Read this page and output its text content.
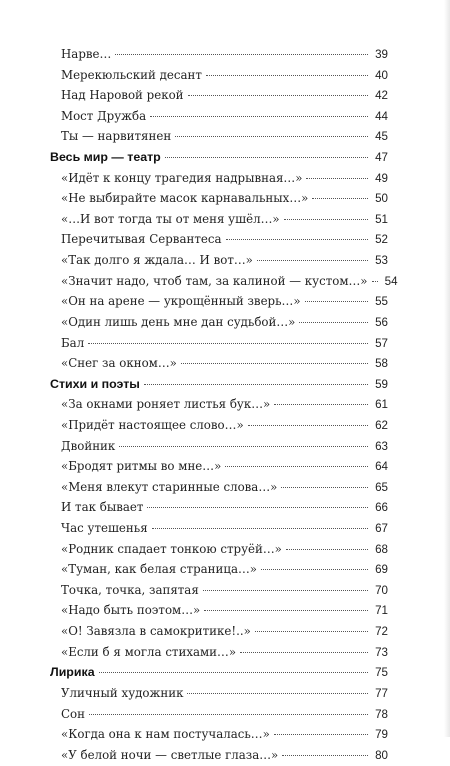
Нарве…	39
Мерекюльский десант	40
Над Наровой рекой	42
Мост Дружба	44
Ты — нарвитянен	45
Весь мир — театр	47
«Идёт к концу трагедия надрывная…»	49
«Не выбирайте масок карнавальных…»	50
«…И вот тогда ты от меня ушёл…»	51
Перечитывая Сервантеса	52
«Так долго я ждала… И вот…»	53
«Значит надо, чтоб там, за калиной — кустом…» 54
«Он на арене — укрощённый зверь…»	55
«Один лишь день мне дан судьбой…»	56
Бал	57
«Снег за окном…»	58
Стихи и поэты	59
«За окнами роняет листья бук…»	61
«Придёт настоящее слово…»	62
Двойник	63
«Бродят ритмы во мне…»	64
«Меня влекут старинные слова…»	65
И так бывает	66
Час утешенья	67
«Родник спадает тонкою струёй…»	68
«Туман, как белая страница…»	69
Точка, точка, запятая	70
«Надо быть поэтом…»	71
«О! Завязла в самокритике!..»	72
«Если б я могла стихами…»	73
Лирика	75
Уличный художник	77
Сон	78
«Когда она к нам постучалась…»	79
«У белой ночи — светлые глаза…»	80
